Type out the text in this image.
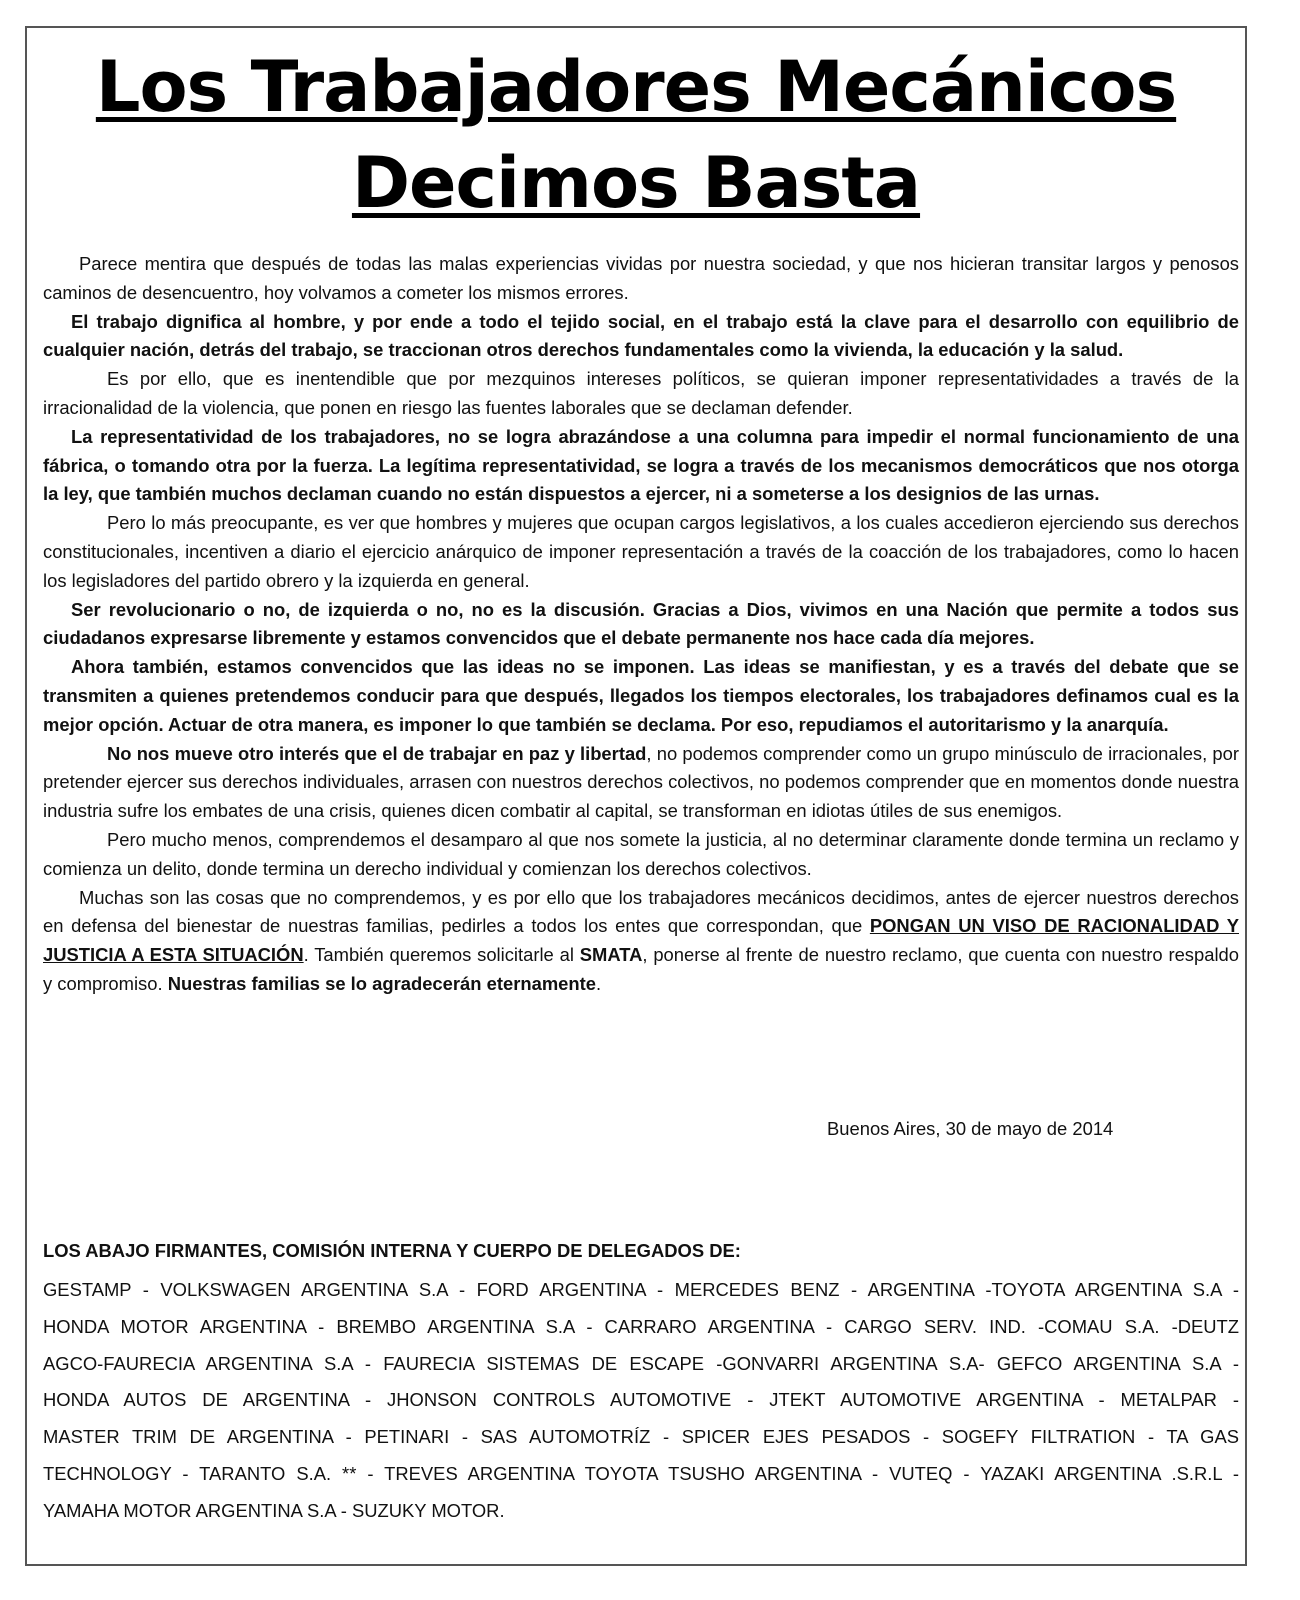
Los Trabajadores Mecánicos
Decimos Basta

Parece mentira que después de todas las malas experiencias vividas por nuestra sociedad, y que nos hicieran transitar largos y penosos caminos de desencuentro, hoy volvamos a cometer los mismos errores.

El trabajo dignifica al hombre, y por ende a todo el tejido social, en el trabajo está la clave para el desarrollo con equilibrio de cualquier nación, detrás del trabajo, se traccionan otros derechos fundamentales como la vivienda, la educación y la salud.

Es por ello, que es inentendible que por mezquinos intereses políticos, se quieran imponer representatividades a través de la irracionalidad de la violencia, que ponen en riesgo las fuentes laborales que se declaman defender.

La representatividad de los trabajadores, no se logra abrazándose a una columna para impedir el normal funcionamiento de una fábrica, o tomando otra por la fuerza. La legítima representatividad, se logra a través de los mecanismos democráticos que nos otorga la ley, que también muchos declaman cuando no están dispuestos a ejercer, ni a someterse a los designios de las urnas.

Pero lo más preocupante, es ver que hombres y mujeres que ocupan cargos legislativos, a los cuales accedieron ejerciendo sus derechos constitucionales, incentiven a diario el ejercicio anárquico de imponer representación a través de la coacción de los trabajadores, como lo hacen los legisladores del partido obrero y la izquierda en general.

Ser revolucionario o no, de izquierda o no, no es la discusión. Gracias a Dios, vivimos en una Nación que permite a todos sus ciudadanos expresarse libremente y estamos convencidos que el debate permanente nos hace cada día mejores.

Ahora también, estamos convencidos que las ideas no se imponen. Las ideas se manifiestan, y es a través del debate que se transmiten a quienes pretendemos conducir para que después, llegados los tiempos electorales, los trabajadores definamos cual es la mejor opción. Actuar de otra manera, es imponer lo que también se declama. Por eso, repudiamos el autoritarismo y la anarquía.

No nos mueve otro interés que el de trabajar en paz y libertad, no podemos comprender como un grupo minúsculo de irracionales, por pretender ejercer sus derechos individuales, arrasen con nuestros derechos colectivos, no podemos comprender que en momentos donde nuestra industria sufre los embates de una crisis, quienes dicen combatir al capital, se transforman en idiotas útiles de sus enemigos.

Pero mucho menos, comprendemos el desamparo al que nos somete la justicia, al no determinar claramente donde termina un reclamo y comienza un delito, donde termina un derecho individual y comienzan los derechos colectivos.

Muchas son las cosas que no comprendemos, y es por ello que los trabajadores mecánicos decidimos, antes de ejercer nuestros derechos en defensa del bienestar de nuestras familias, pedirles a todos los entes que correspondan, que PONGAN UN VISO DE RACIONALIDAD Y JUSTICIA A ESTA SITUACIÓN. También queremos solicitarle al SMATA, ponerse al frente de nuestro reclamo, que cuenta con nuestro respaldo y compromiso. Nuestras familias se lo agradecerán eternamente.

Buenos Aires, 30 de mayo de 2014
LOS ABAJO FIRMANTES, COMISIÓN INTERNA Y CUERPO DE DELEGADOS DE:
GESTAMP - VOLKSWAGEN ARGENTINA S.A - FORD ARGENTINA - MERCEDES BENZ - ARGENTINA -TOYOTA ARGENTINA S.A -
HONDA MOTOR ARGENTINA - BREMBO ARGENTINA S.A - CARRARO ARGENTINA - CARGO SERV. IND. -COMAU S.A. -DEUTZ
AGCO-FAURECIA ARGENTINA S.A - FAURECIA SISTEMAS DE ESCAPE -GONVARRI ARGENTINA S.A- GEFCO ARGENTINA S.A -
HONDA AUTOS DE ARGENTINA - JHONSON CONTROLS AUTOMOTIVE - JTEKT AUTOMOTIVE ARGENTINA - METALPAR -
MASTER TRIM DE ARGENTINA - PETINARI - SAS AUTOMOTRÍZ - SPICER EJES PESADOS - SOGEFY FILTRATION - TA GAS
TECHNOLOGY - TARANTO S.A. ** - TREVES ARGENTINA TOYOTA TSUSHO ARGENTINA - VUTEQ - YAZAKI ARGENTINA .S.R.L -
YAMAHA MOTOR ARGENTINA S.A - SUZUKY MOTOR.
